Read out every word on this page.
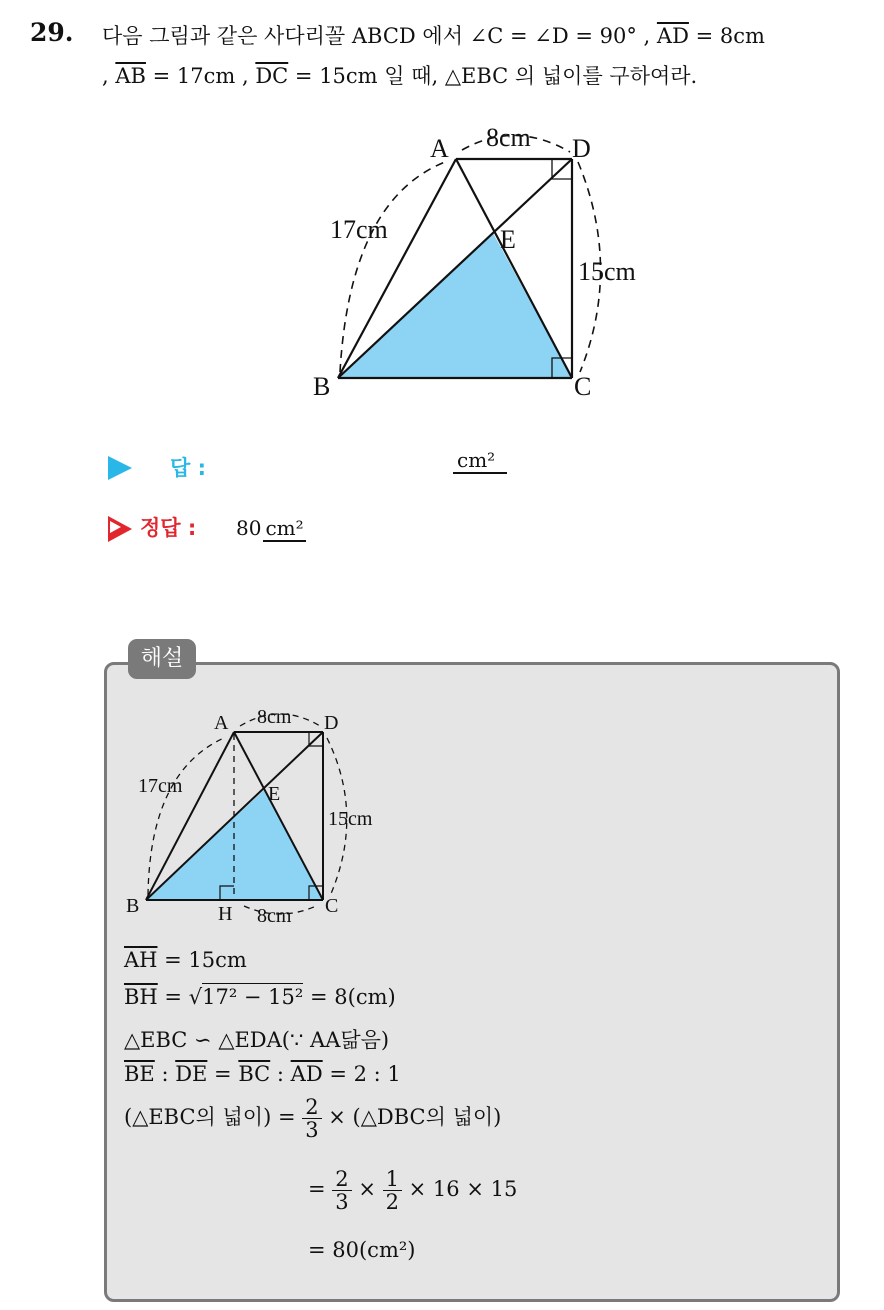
29. 다음 그림과 같은 사다리꼴 ABCD 에서 ∠C = ∠D = 90° , $\overline{AD} = 8cm$
, $\overline{AB} = 17cm$ , $\overline{DC} = 15cm$ 일 때, △EBC 의 넓이를 구하여라.
A	D
B	C
E
8cm
17cm
15cm
답 :	cm²
정답 : 80 cm²
해설
A	D
B	C
E
H
8cm
17cm
15cm
8cm
$\overline{AH} = 15cm$
$\overline{BH} = √17^2 - 15^2 = 8(cm)$
△EBC ∽ △EDA(∵ AA닮음)
$\overline{BE}$ : $\overline{DE} = \overline{BC}$ : $\overline{AD} = 2$ : 1
(△EBC의 넓이) = $\frac{2}{3}$ × (△DBC의 넓이)
= $\frac{2}{3} \times \frac{1}{2} \times 16 \times 15$
= 80(cm²)
